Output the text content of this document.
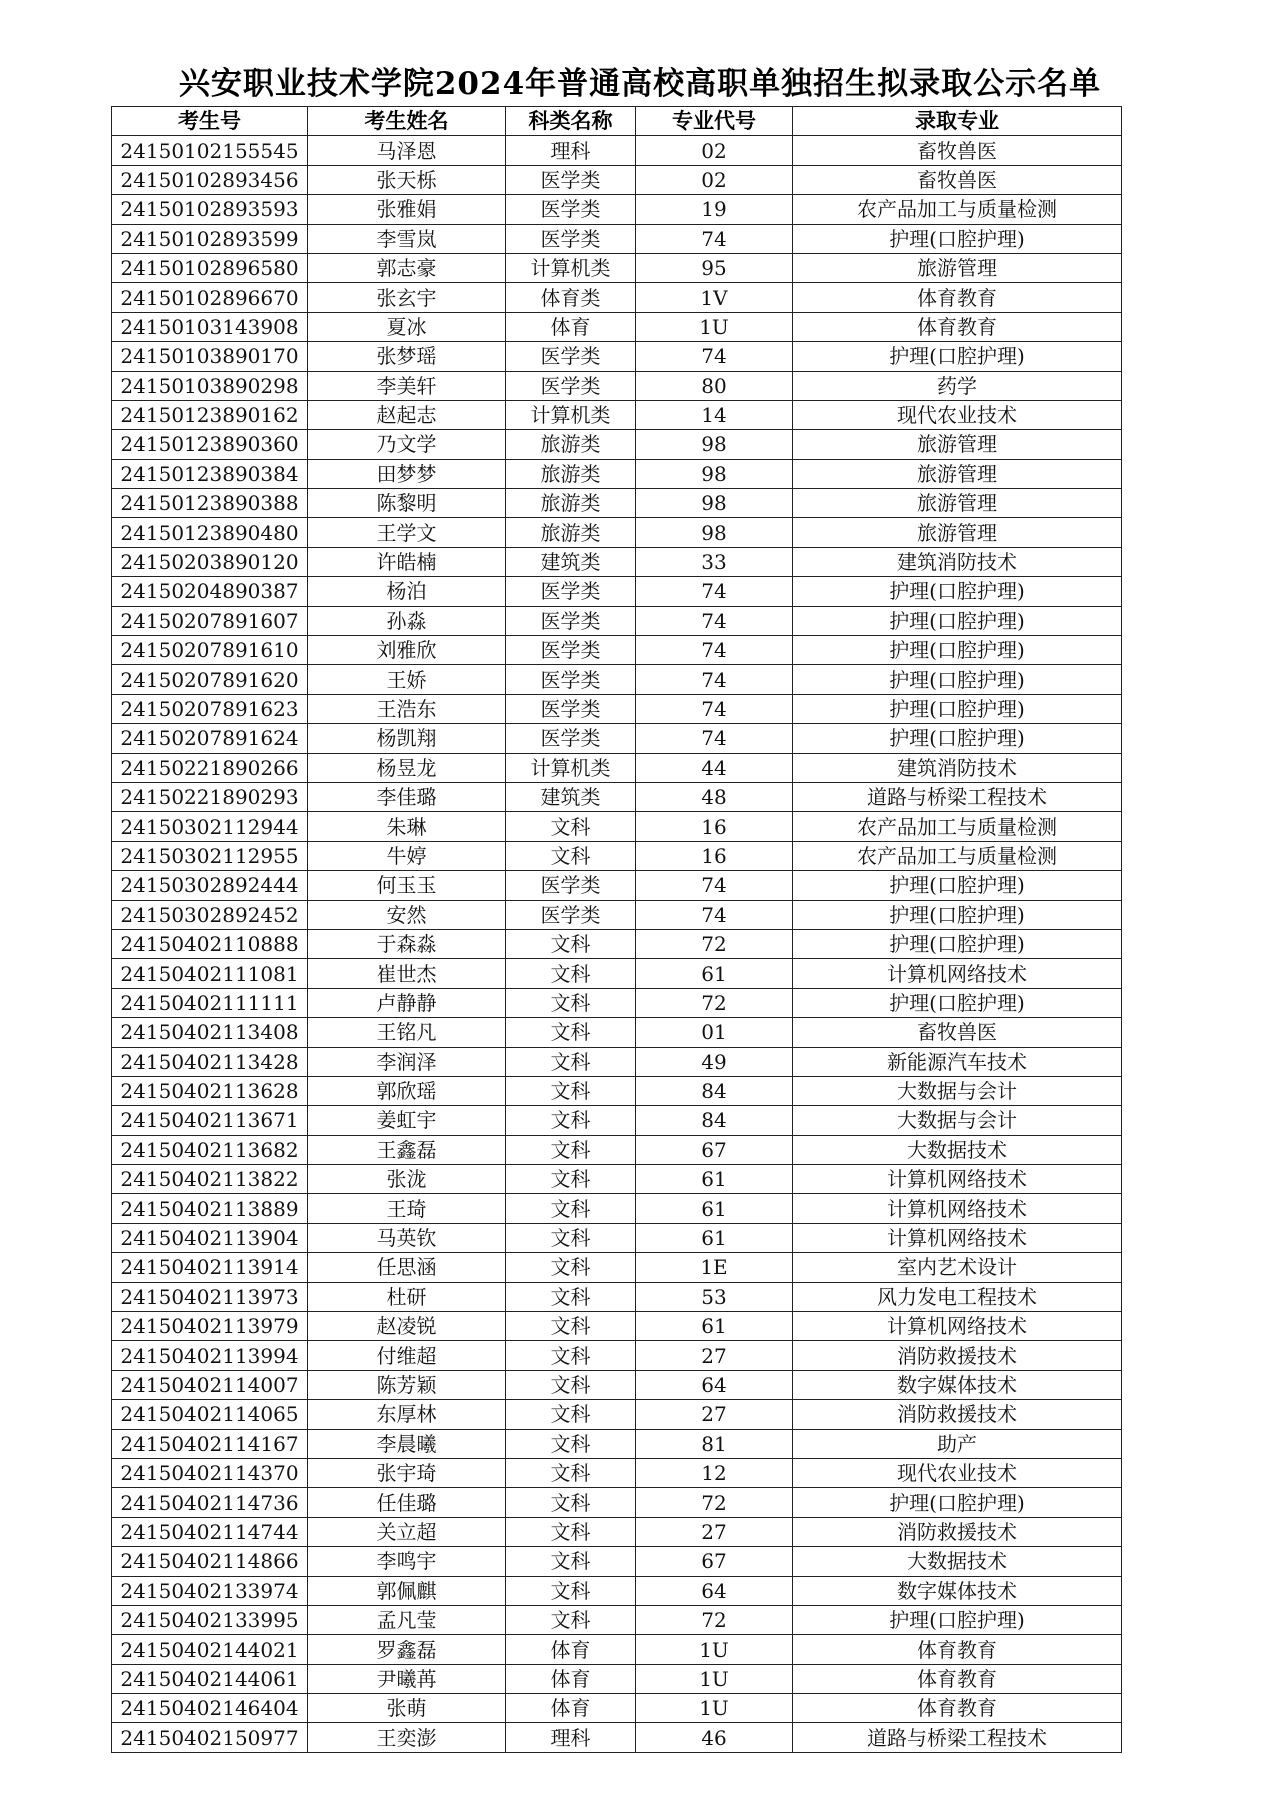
兴安职业技术学院2024年普通高校高职单独招生拟录取公示名单
考生号	考生姓名	科类名称	专业代号	录取专业
24150102155545	马泽恩	理科	02	畜牧兽医
24150102893456	张天栎	医学类	02	畜牧兽医
24150102893593	张雅娟	医学类	19	农产品加工与质量检测
24150102893599	李雪岚	医学类	74	护理(口腔护理)
24150102896580	郭志豪	计算机类	95	旅游管理
24150102896670	张玄宇	体育类	1V	体育教育
24150103143908	夏冰	体育	1U	体育教育
24150103890170	张梦瑶	医学类	74	护理(口腔护理)
24150103890298	李美轩	医学类	80	药学
24150123890162	赵起志	计算机类	14	现代农业技术
24150123890360	乃文学	旅游类	98	旅游管理
24150123890384	田梦梦	旅游类	98	旅游管理
24150123890388	陈黎明	旅游类	98	旅游管理
24150123890480	王学文	旅游类	98	旅游管理
24150203890120	许皓楠	建筑类	33	建筑消防技术
24150204890387	杨泊	医学类	74	护理(口腔护理)
24150207891607	孙淼	医学类	74	护理(口腔护理)
24150207891610	刘雅欣	医学类	74	护理(口腔护理)
24150207891620	王娇	医学类	74	护理(口腔护理)
24150207891623	王浩东	医学类	74	护理(口腔护理)
24150207891624	杨凯翔	医学类	74	护理(口腔护理)
24150221890266	杨昱龙	计算机类	44	建筑消防技术
24150221890293	李佳璐	建筑类	48	道路与桥梁工程技术
24150302112944	朱琳	文科	16	农产品加工与质量检测
24150302112955	牛婷	文科	16	农产品加工与质量检测
24150302892444	何玉玉	医学类	74	护理(口腔护理)
24150302892452	安然	医学类	74	护理(口腔护理)
24150402110888	于森淼	文科	72	护理(口腔护理)
24150402111081	崔世杰	文科	61	计算机网络技术
24150402111111	卢静静	文科	72	护理(口腔护理)
24150402113408	王铭凡	文科	01	畜牧兽医
24150402113428	李润泽	文科	49	新能源汽车技术
24150402113628	郭欣瑶	文科	84	大数据与会计
24150402113671	姜虹宇	文科	84	大数据与会计
24150402113682	王鑫磊	文科	67	大数据技术
24150402113822	张泷	文科	61	计算机网络技术
24150402113889	王琦	文科	61	计算机网络技术
24150402113904	马英钦	文科	61	计算机网络技术
24150402113914	任思涵	文科	1E	室内艺术设计
24150402113973	杜研	文科	53	风力发电工程技术
24150402113979	赵凌锐	文科	61	计算机网络技术
24150402113994	付维超	文科	27	消防救援技术
24150402114007	陈芳颖	文科	64	数字媒体技术
24150402114065	东厚林	文科	27	消防救援技术
24150402114167	李晨曦	文科	81	助产
24150402114370	张宇琦	文科	12	现代农业技术
24150402114736	任佳璐	文科	72	护理(口腔护理)
24150402114744	关立超	文科	27	消防救援技术
24150402114866	李鸣宇	文科	67	大数据技术
24150402133974	郭佩麒	文科	64	数字媒体技术
24150402133995	孟凡莹	文科	72	护理(口腔护理)
24150402144021	罗鑫磊	体育	1U	体育教育
24150402144061	尹曦苒	体育	1U	体育教育
24150402146404	张萌	体育	1U	体育教育
24150402150977	王奕澎	理科	46	道路与桥梁工程技术
